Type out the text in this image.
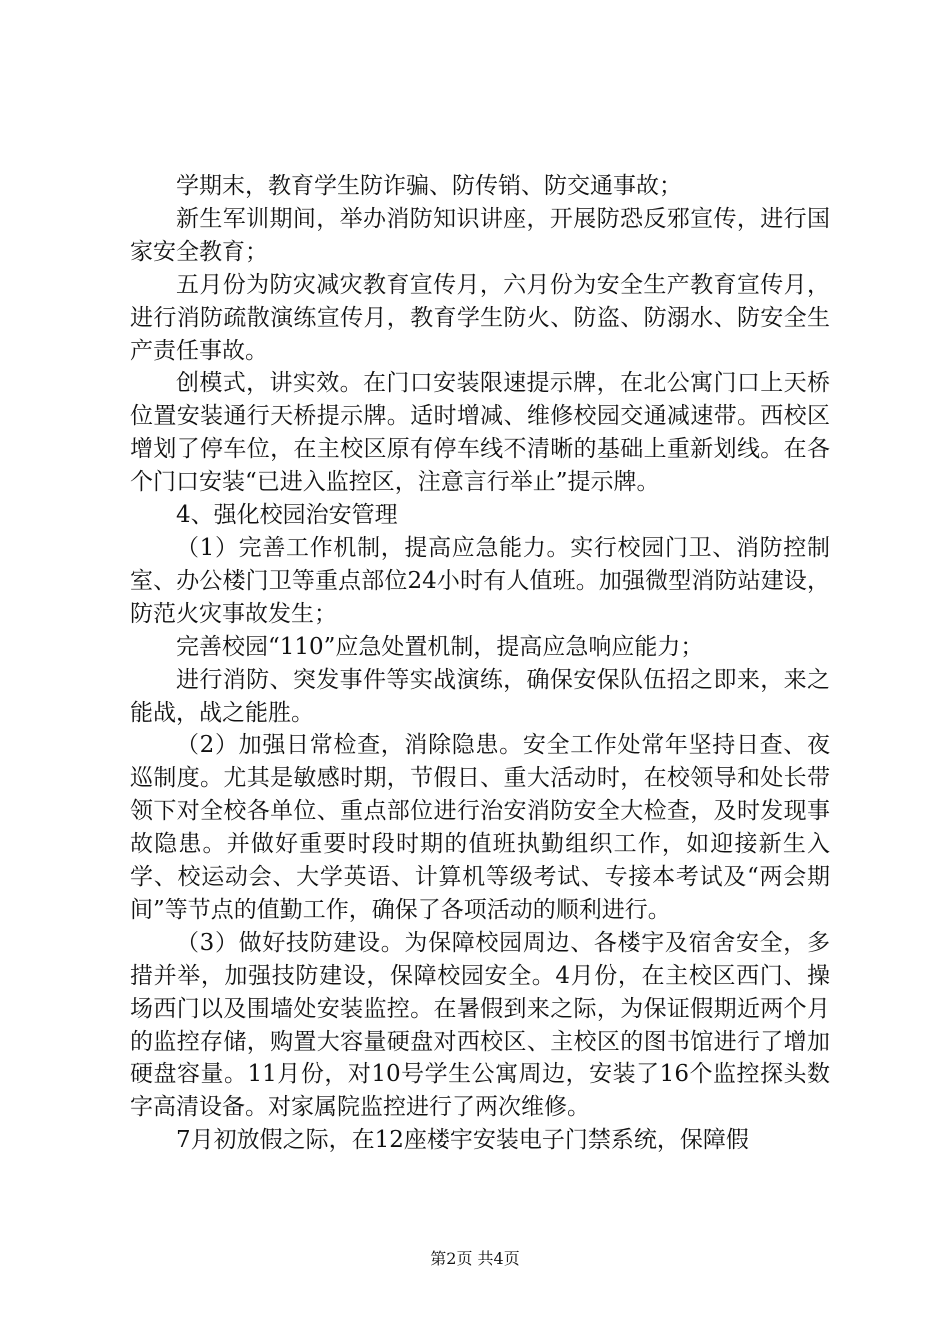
学期末，教育学生防诈骗、防传销、防交通事故；

新生军训期间，举办消防知识讲座，开展防恐反邪宣传，进行国家安全教育；

五月份为防灾减灾教育宣传月，六月份为安全生产教育宣传月，进行消防疏散演练宣传月，教育学生防火、防盗、防溺水、防安全生产责任事故。

创模式，讲实效。在门口安装限速提示牌，在北公寓门口上天桥位置安装通行天桥提示牌。适时增减、维修校园交通减速带。西校区增划了停车位，在主校区原有停车线不清晰的基础上重新划线。在各个门口安装“已进入监控区，注意言行举止”提示牌。

4、强化校园治安管理

（1）完善工作机制，提高应急能力。实行校园门卫、消防控制室、办公楼门卫等重点部位24小时有人值班。加强微型消防站建设，防范火灾事故发生；

完善校园“110”应急处置机制，提高应急响应能力；

进行消防、突发事件等实战演练，确保安保队伍招之即来，来之能战，战之能胜。

（2）加强日常检查，消除隐患。安全工作处常年坚持日查、夜巡制度。尤其是敏感时期，节假日、重大活动时，在校领导和处长带领下对全校各单位、重点部位进行治安消防安全大检查，及时发现事故隐患。并做好重要时段时期的值班执勤组织工作，如迎接新生入学、校运动会、大学英语、计算机等级考试、专接本考试及“两会期间”等节点的值勤工作，确保了各项活动的顺利进行。

（3）做好技防建设。为保障校园周边、各楼宇及宿舍安全，多措并举，加强技防建设，保障校园安全。4月份，在主校区西门、操场西门以及围墙处安装监控。在暑假到来之际，为保证假期近两个月的监控存储，购置大容量硬盘对西校区、主校区的图书馆进行了增加硬盘容量。11月份，对10号学生公寓周边，安装了16个监控探头数字高清设备。对家属院监控进行了两次维修。

7月初放假之际，在12座楼宇安装电子门禁系统，保障假

第2页 共4页
